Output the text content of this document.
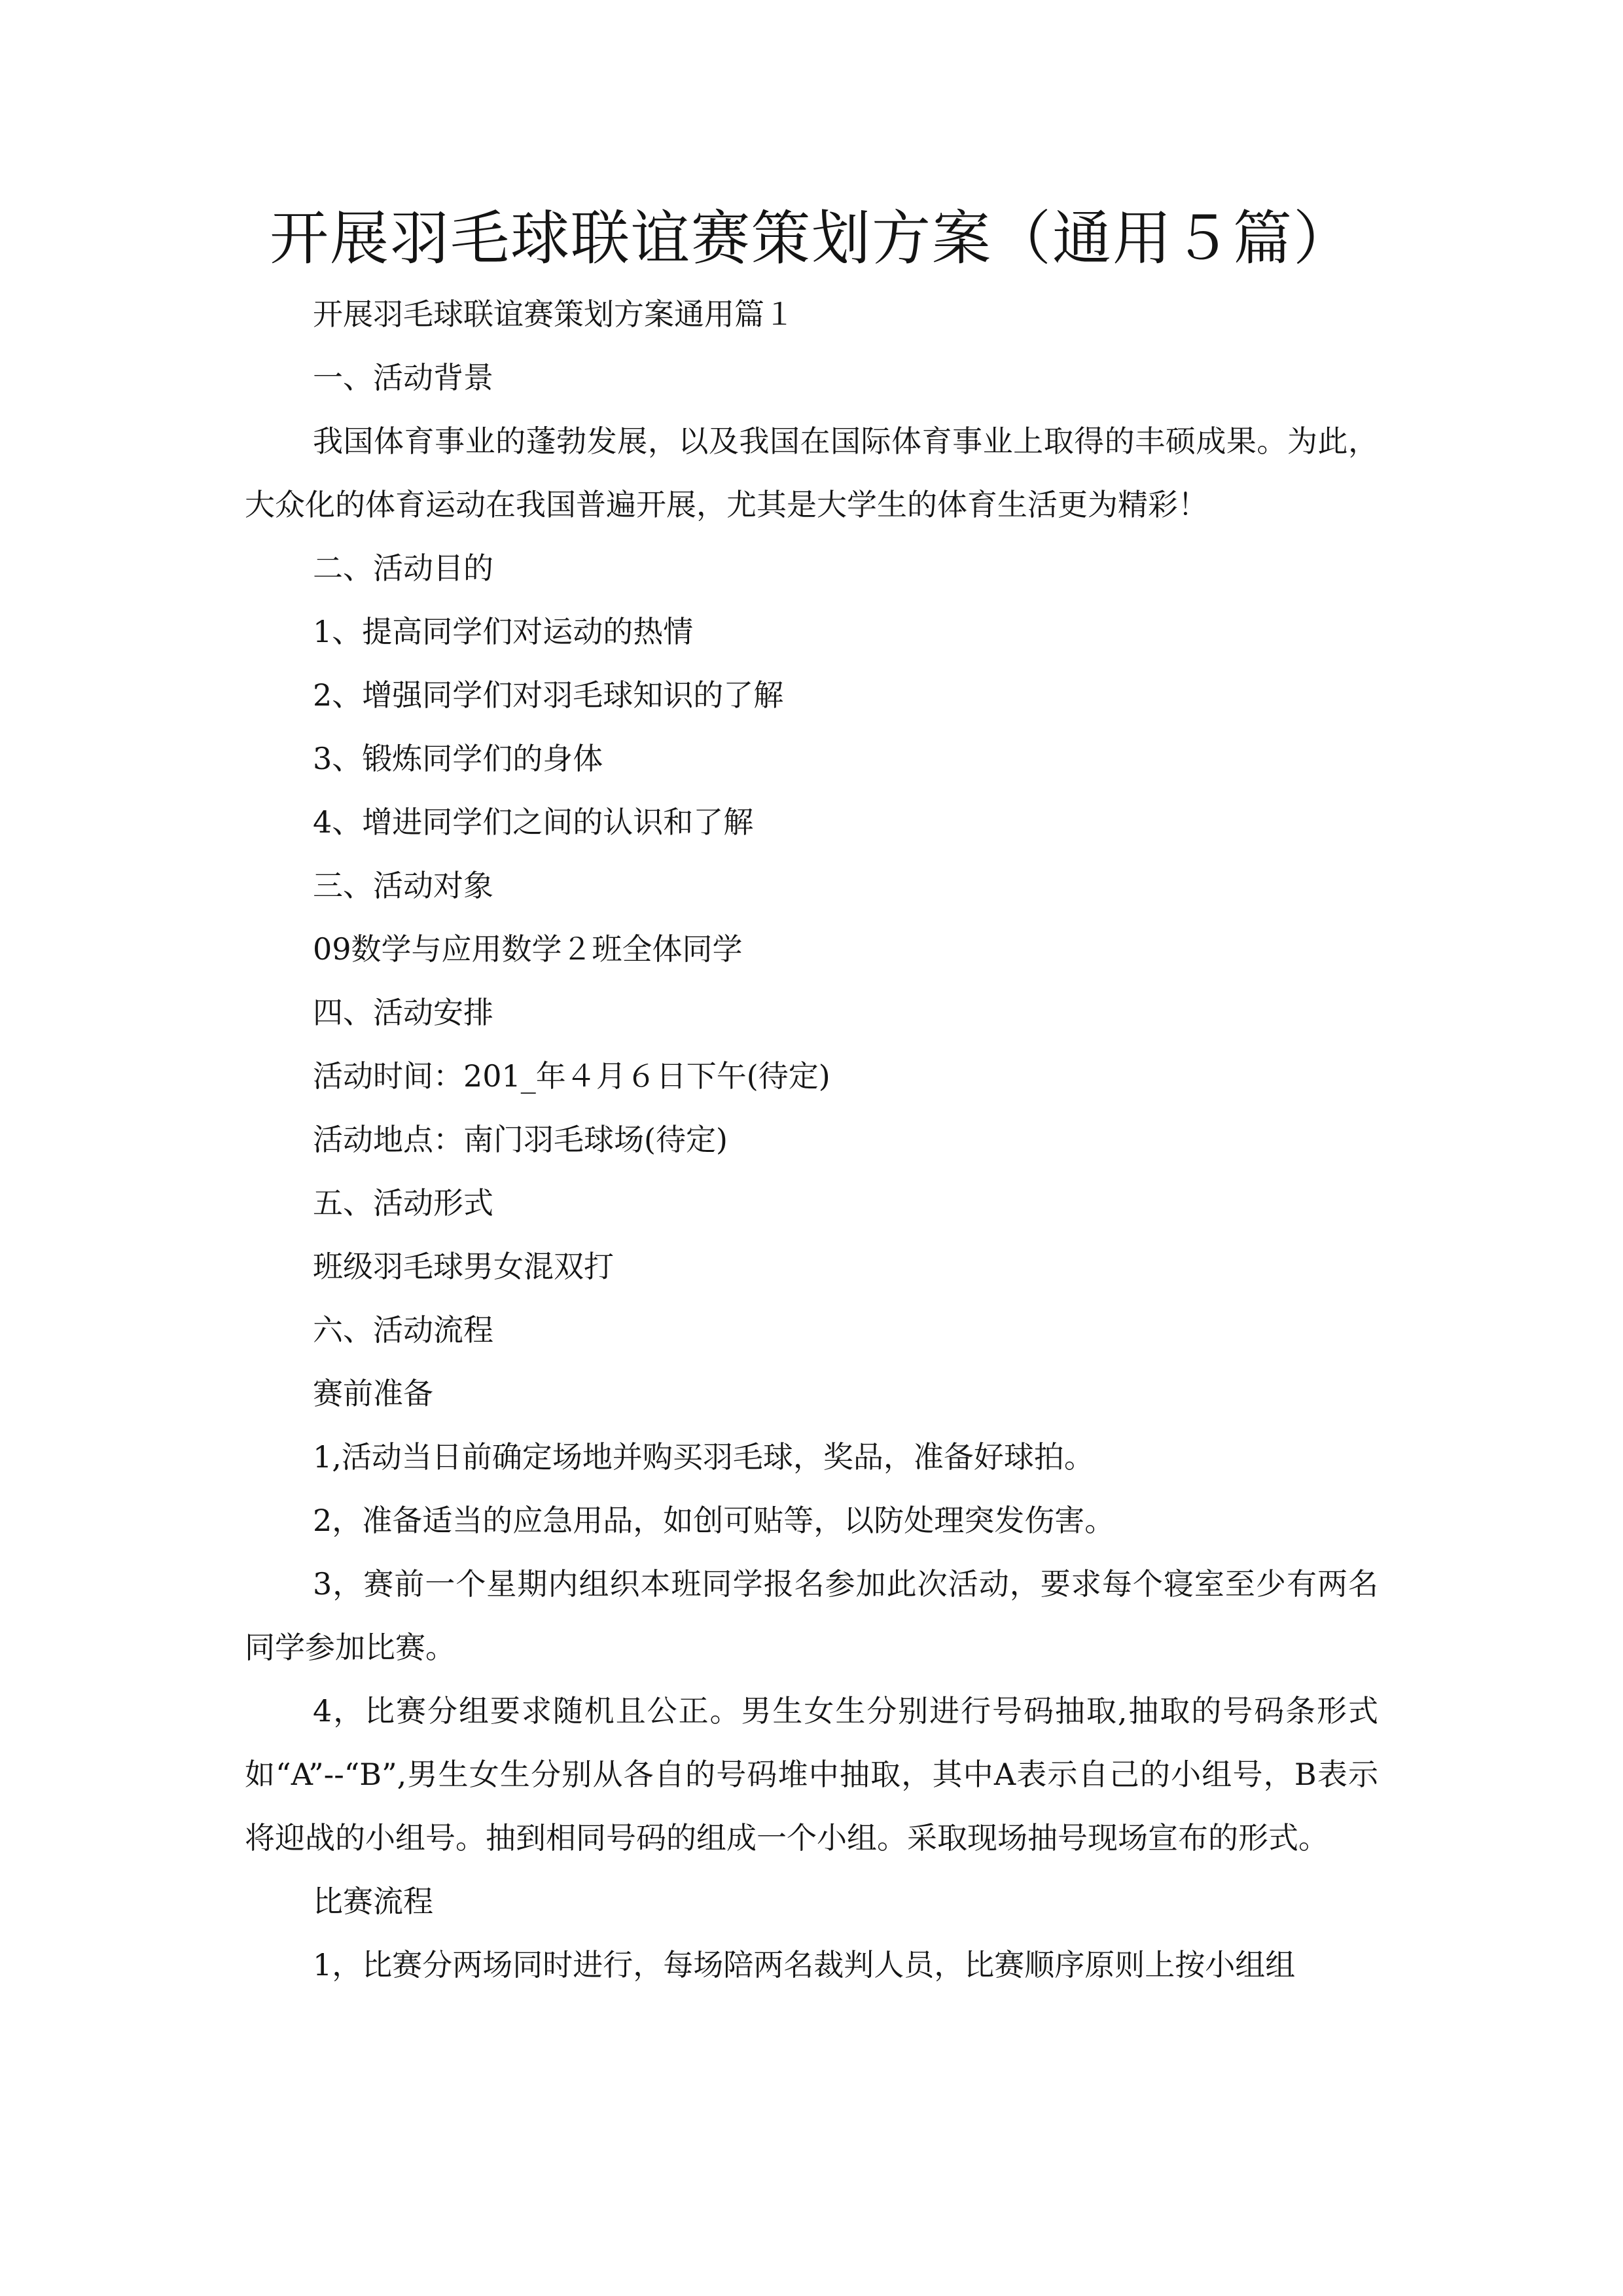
开展羽毛球联谊赛策划方案（通用５篇）

开展羽毛球联谊赛策划方案通用篇１

一、活动背景

我国体育事业的蓬勃发展，以及我国在国际体育事业上取得的丰硕成果。为此，大众化的体育运动在我国普遍开展，尤其是大学生的体育生活更为精彩！

二、活动目的

1、提高同学们对运动的热情

2、增强同学们对羽毛球知识的了解

3、锻炼同学们的身体

4、增进同学们之间的认识和了解

三、活动对象

09数学与应用数学２班全体同学

四、活动安排

活动时间：201_年４月６日下午(待定)

活动地点：南门羽毛球场(待定)

五、活动形式

班级羽毛球男女混双打

六、活动流程

赛前准备

1,活动当日前确定场地并购买羽毛球，奖品，准备好球拍。

2，准备适当的应急用品，如创可贴等，以防处理突发伤害。

3，赛前一个星期内组织本班同学报名参加此次活动，要求每个寝室至少有两名同学参加比赛。

4，比赛分组要求随机且公正。男生女生分别进行号码抽取,抽取的号码条形式如“A”--“B”,男生女生分别从各自的号码堆中抽取，其中A表示自己的小组号，B表示将迎战的小组号。抽到相同号码的组成一个小组。采取现场抽号现场宣布的形式。

比赛流程

1，比赛分两场同时进行，每场陪两名裁判人员，比赛顺序原则上按小组组
